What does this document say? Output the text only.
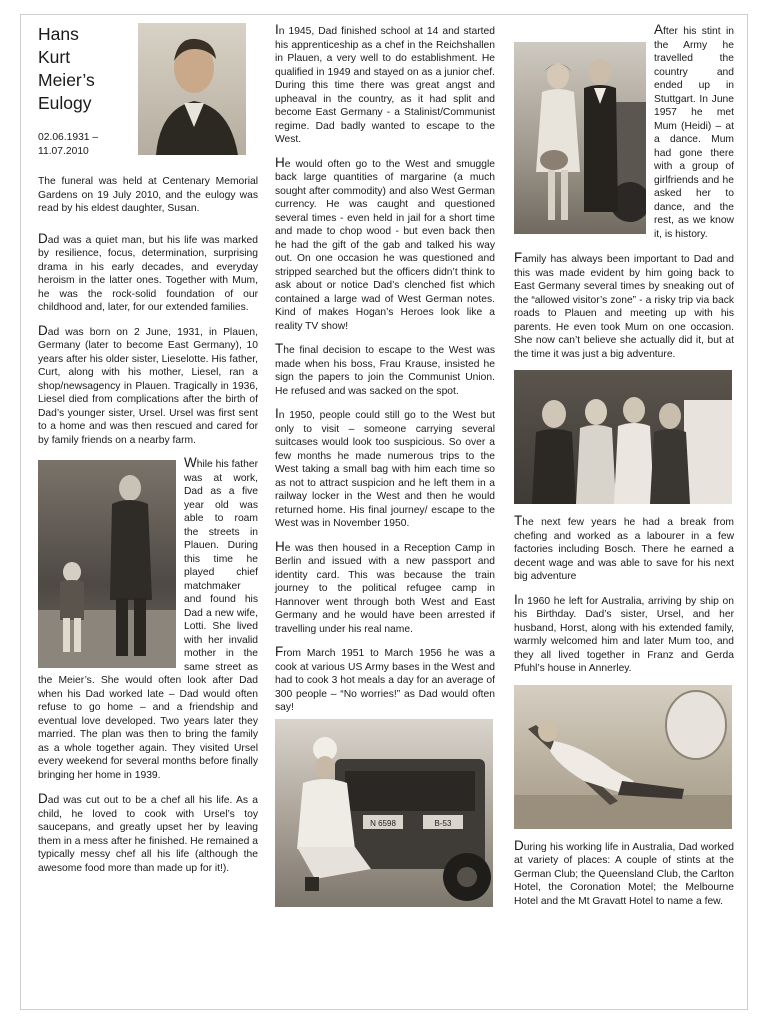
Hans
Kurt
Meier’s
Eulogy

02.06.1931 –
11.07.2010

The funeral was held at Centenary Memorial Gardens on 19 July 2010, and the eulogy was read by his eldest daughter, Susan.

Dad was a quiet man, but his life was marked by resilience, focus, determination, surprising drama in his early decades, and everyday heroism in the latter ones. Together with Mum, he was the rock-solid foundation of our childhood and, later, for our extended families.

Dad was born on 2 June, 1931, in Plauen, Germany (later to become East Germany), 10 years after his older sister, Lieselotte. His father, Curt, along with his mother, Liesel, ran a shop/newsagency in Plauen. Tragically in 1936, Liesel died from complications after the birth of Dad’s younger sister, Ursel. Ursel was first sent to a home and was then rescued and cared for by family friends on a nearby farm.

While his father was at work, Dad as a five year old was able to roam the streets in Plauen. During this time he played chief matchmaker and found his Dad a new wife, Lotti. She lived with her invalid mother in the same street as the Meier’s. She would often look after Dad when his Dad worked late – Dad would often refuse to go home – and a friendship and eventual love developed. Two years later they married. The plan was then to bring the family as a whole together again. They visited Ursel every weekend for several months before finally bringing her home in 1939.

Dad was cut out to be a chef all his life. As a child, he loved to cook with Ursel’s toy saucepans, and greatly upset her by leaving them in a mess after he finished. He remained a typically messy chef all his life (although the awesome food more than made up for it!).

In 1945, Dad finished school at 14 and started his apprenticeship as a chef in the Reichshallen in Plauen, a very well to do establishment. He qualified in 1949 and stayed on as a junior chef. During this time there was great angst and upheaval in the country, as it had split and become East Germany - a Stalinist/Communist regime. Dad badly wanted to escape to the West.

He would often go to the West and smuggle back large quantities of margarine (a much sought after commodity) and also West German currency. He was caught and questioned several times - even held in jail for a short time and made to chop wood - but even back then he had the gift of the gab and talked his way out. On one occasion he was questioned and stripped searched but the officers didn’t think to ask about or notice Dad’s clenched fist which contained a large wad of West German notes. Kind of makes Hogan’s Heroes look like a reality TV show!

The final decision to escape to the West was made when his boss, Frau Krause, insisted he sign the papers to join the Communist Union. He refused and was sacked on the spot.

In 1950, people could still go to the West but only to visit – someone carrying several suitcases would look too suspicious. So over a few months he made numerous trips to the West taking a small bag with him each time so as not to attract suspicion and he left them in a railway locker in the West and then he would returned home. His final journey/ escape to the West was in November 1950.

He was then housed in a Reception Camp in Berlin and issued with a new passport and identity card. This was because the train journey to the political refugee camp in Hannover went through both West and East Germany and he would have been arrested if travelling under his real name.

From March 1951 to March 1956 he was a cook at various US Army bases in the West and had to cook 3 hot meals a day for an average of 300 people – “No worries!” as Dad would often say!

N 6598	B-53

After his stint in the Army he travelled the country and ended up in Stuttgart. In June 1957 he met Mum (Heidi) – at a dance. Mum had gone there with a group of girlfriends and he asked her to dance, and the rest, as we know it, is history.

Family has always been important to Dad and this was made evident by him going back to East Germany several times by sneaking out of the “allowed visitor’s zone” - a risky trip via back roads to Plauen and meeting up with his parents. He even took Mum on one occasion. She now can’t believe she actually did it, but at the time it was just a big adventure.

The next few years he had a break from chefing and worked as a labourer in a few factories including Bosch. There he earned a decent wage and was able to save for his next big adventure

In 1960 he left for Australia, arriving by ship on his Birthday. Dad’s sister, Ursel, and her husband, Horst, along with his extended family, warmly welcomed him and later Mum too, and they all lived together in Franz and Gerda Pfuhl’s house in Annerley.

During his working life in Australia, Dad worked at variety of places: A couple of stints at the German Club; the Queensland Club, the Carlton Hotel, the Coronation Motel; the Melbourne Hotel and the Mt Gravatt Hotel to name a few.
